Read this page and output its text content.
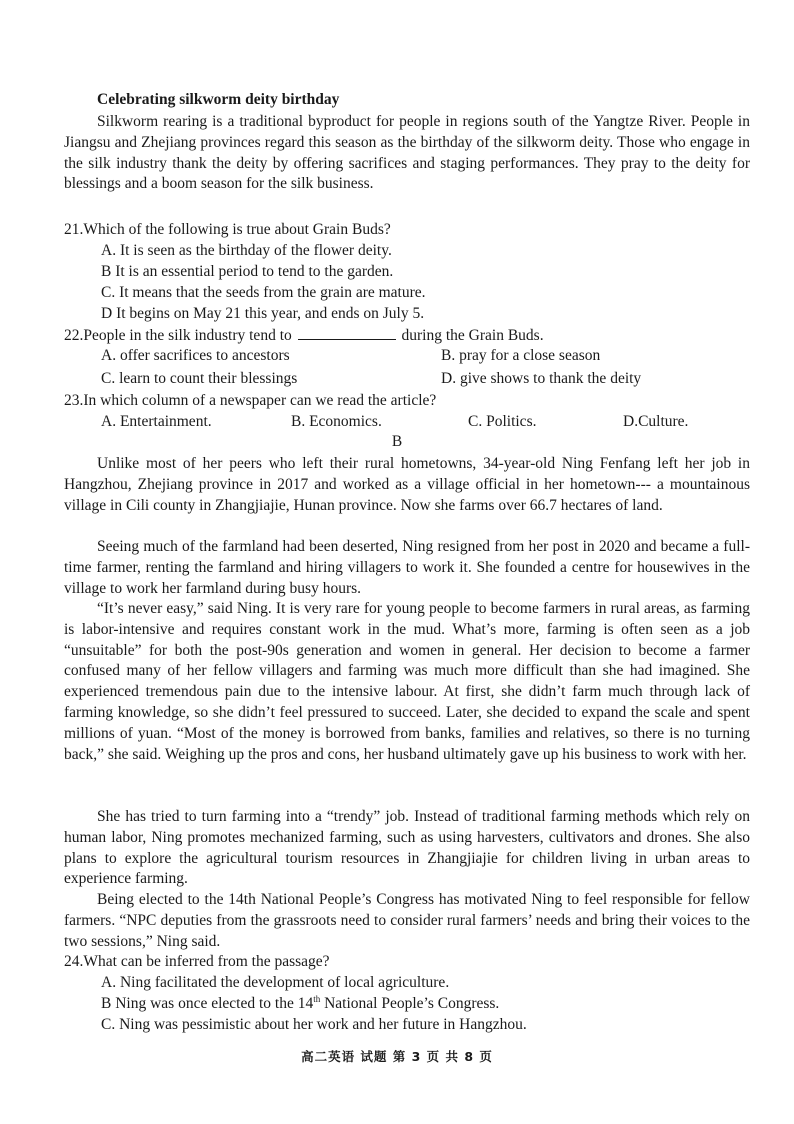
Celebrating silkworm deity birthday

Silkworm rearing is a traditional byproduct for people in regions south of the Yangtze River. People in Jiangsu and Zhejiang provinces regard this season as the birthday of the silkworm deity. Those who engage in the silk industry thank the deity by offering sacrifices and staging performances. They pray to the deity for blessings and a boom season for the silk business.

21.Which of the following is true about Grain Buds?

A. It is seen as the birthday of the flower deity.

B It is an essential period to tend to the garden.

C. It means that the seeds from the grain are mature.

D It begins on May 21 this year, and ends on July 5.

22.People in the silk industry tend to	during the Grain Buds.

A. offer sacrifices to ancestors	B. pray for a close season

C. learn to count their blessings	D. give shows to thank the deity

23.In which column of a newspaper can we read the article?

A. Entertainment.	B. Economics.	C. Politics.	D.Culture.

B

Unlike most of her peers who left their rural hometowns, 34-year-old Ning Fenfang left her job in Hangzhou, Zhejiang province in 2017 and worked as a village official in her hometown--- a mountainous village in Cili county in Zhangjiajie, Hunan province. Now she farms over 66.7 hectares of land.

Seeing much of the farmland had been deserted, Ning resigned from her post in 2020 and became a full-time farmer, renting the farmland and hiring villagers to work it. She founded a centre for housewives in the village to work her farmland during busy hours.

“It’s never easy,” said Ning. It is very rare for young people to become farmers in rural areas, as farming is labor-intensive and requires constant work in the mud. What’s more, farming is often seen as a job “unsuitable” for both the post-90s generation and women in general. Her decision to become a farmer confused many of her fellow villagers and farming was much more difficult than she had imagined. She experienced tremendous pain due to the intensive labour. At first, she didn’t farm much through lack of farming knowledge, so she didn’t feel pressured to succeed. Later, she decided to expand the scale and spent millions of yuan. “Most of the money is borrowed from banks, families and relatives, so there is no turning back,” she said. Weighing up the pros and cons, her husband ultimately gave up his business to work with her.

She has tried to turn farming into a “trendy” job. Instead of traditional farming methods which rely on human labor, Ning promotes mechanized farming, such as using harvesters, cultivators and drones. She also plans to explore the agricultural tourism resources in Zhangjiajie for children living in urban areas to experience farming.

Being elected to the 14th National People’s Congress has motivated Ning to feel responsible for fellow farmers. “NPC deputies from the grassroots need to consider rural farmers’ needs and bring their voices to the two sessions,” Ning said.

24.What can be inferred from the passage?

A. Ning facilitated the development of local agriculture.

B Ning was once elected to the 14th National People’s Congress.

C. Ning was pessimistic about her work and her future in Hangzhou.

高二英语 试题 第 3 页 共 8 页
